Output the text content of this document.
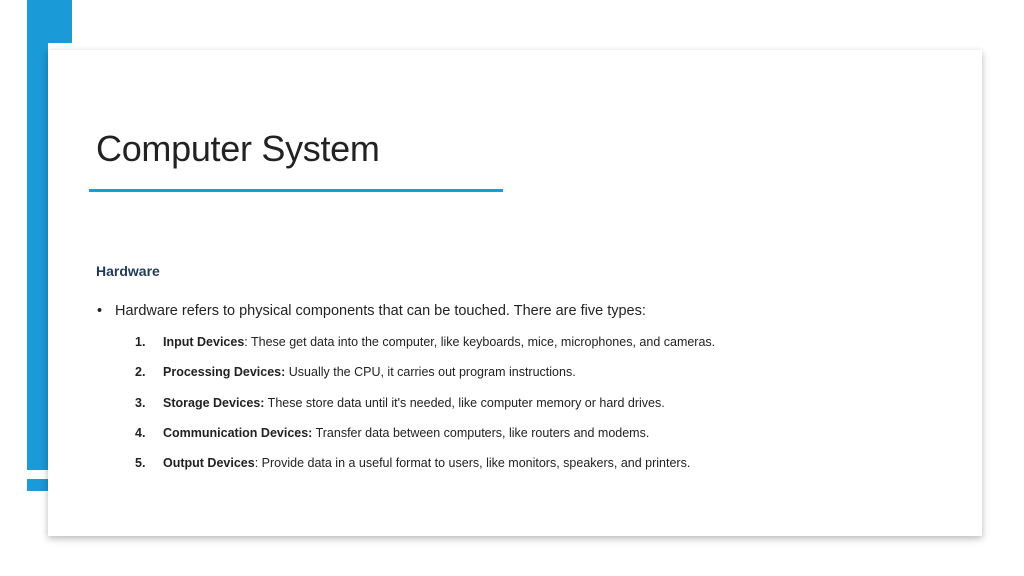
Computer System
Hardware
• Hardware refers to physical components that can be touched. There are five types:
1. Input Devices: These get data into the computer, like keyboards, mice, microphones, and cameras.
2. Processing Devices: Usually the CPU, it carries out program instructions.
3. Storage Devices: These store data until it's needed, like computer memory or hard drives.
4. Communication Devices: Transfer data between computers, like routers and modems.
5. Output Devices: Provide data in a useful format to users, like monitors, speakers, and printers.
